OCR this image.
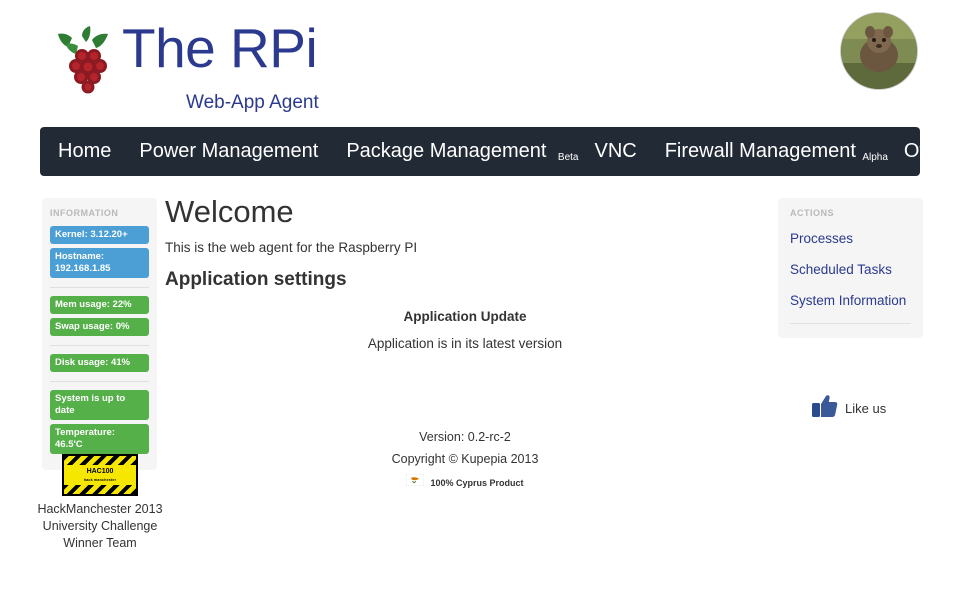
The RPi
Web-App Agent
Home	Power Management	Package Management Beta VNC	Firewall Management Alpha Other
INFORMATION
Kernel: 3.12.20+
Hostname: 192.168.1.85
Mem usage: 22%
Swap usage: 0%
Disk usage: 41%
System is up to date
Temperature: 46.5'C
HAC100
hack manchester
HackManchester 2013 University Challenge Winner Team
Welcome

This is the web agent for the Raspberry PI

Application settings
Application Update
Application is in its latest version
ACTIONS
Processes
Scheduled Tasks
System Information
Like us
Version: 0.2-rc-2
Copyright © Kupepia 2013
100% Cyprus Product
